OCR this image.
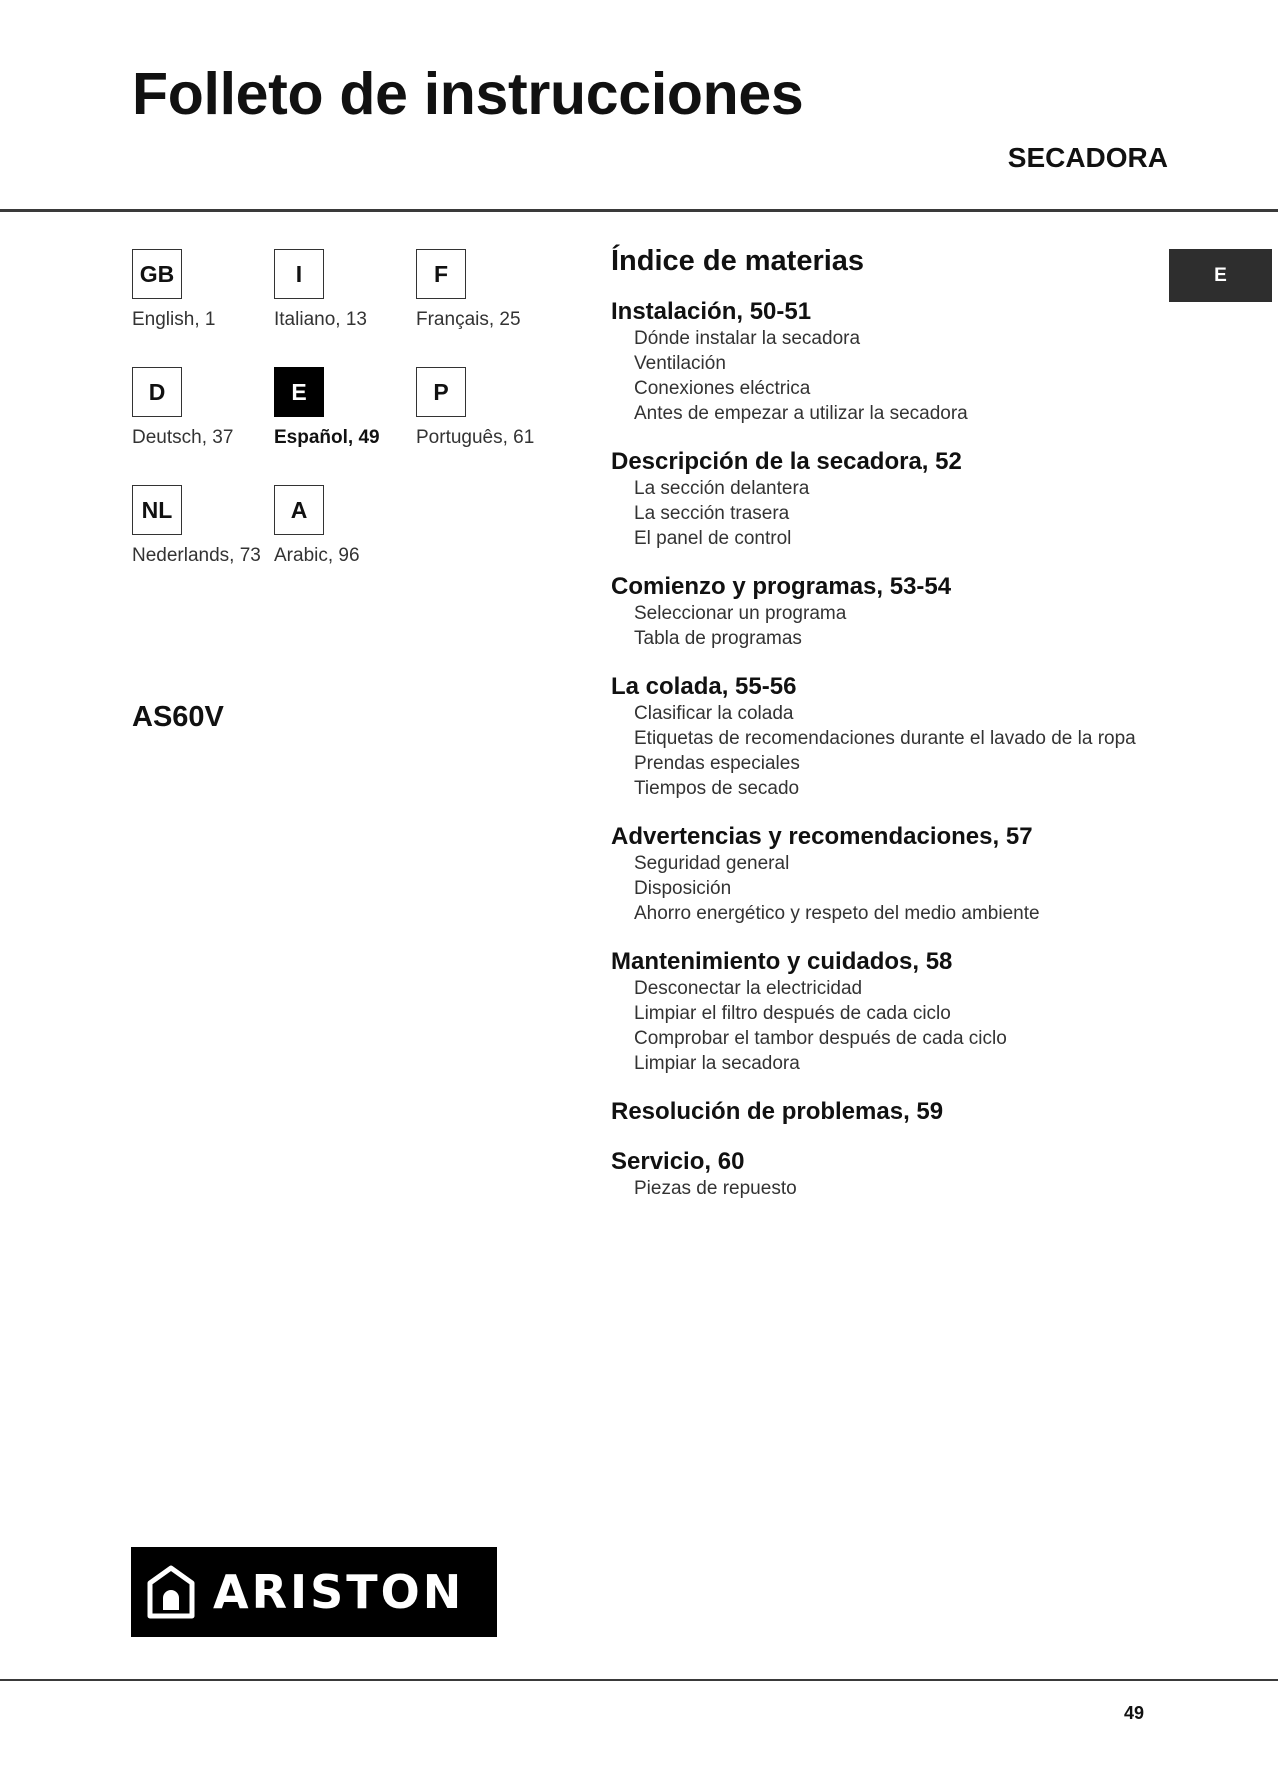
Folleto de instrucciones
SECADORA
GB
English, 1
I
Italiano, 13
F
Français, 25
D
Deutsch, 37
E
Español, 49
P
Português, 61
NL
Nederlands, 73
A
Arabic, 96
AS60V
Índice de materias
Instalación, 50-51
Dónde instalar la secadora
Ventilación
Conexiones eléctrica
Antes de empezar a utilizar la secadora
Descripción de la secadora, 52
La sección delantera
La sección trasera
El panel de control
Comienzo y programas, 53-54
Seleccionar un programa
Tabla de programas
La colada, 55-56
Clasificar la colada
Etiquetas de recomendaciones durante el lavado de la ropa
Prendas especiales
Tiempos de secado
Advertencias y recomendaciones, 57
Seguridad general
Disposición
Ahorro energético y respeto del medio ambiente
Mantenimiento y cuidados, 58
Desconectar la electricidad
Limpiar el filtro después de cada ciclo
Comprobar el tambor después de cada ciclo
Limpiar la secadora
Resolución de problemas, 59
Servicio, 60
Piezas de repuesto
E
ARISTON
49
